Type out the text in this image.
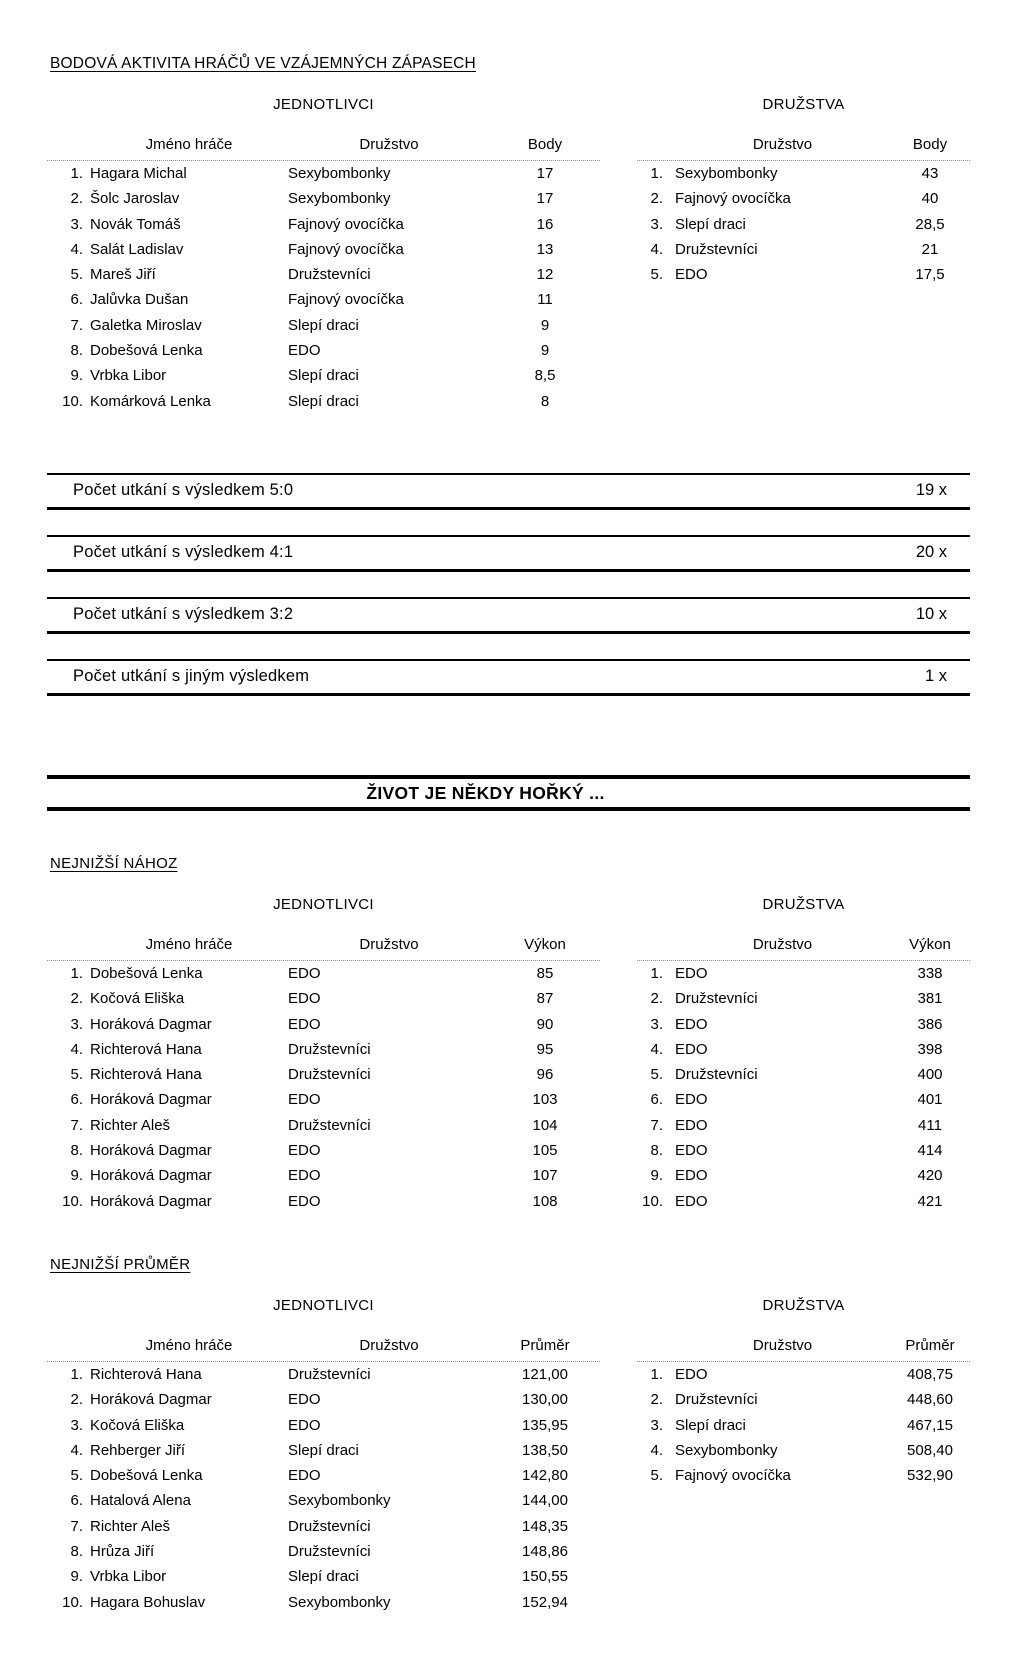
BODOVÁ AKTIVITA HRÁČŮ VE VZÁJEMNÝCH ZÁPASECH
JEDNOTLIVCI
Jméno hráče	Družstvo	Body
1. Hagara Michal	Sexybombonky	17
2. Šolc Jaroslav	Sexybombonky	17
3. Novák Tomáš	Fajnový ovocíčka	16
4. Salát Ladislav	Fajnový ovocíčka	13
5. Mareš Jiří	Družstevníci	12
6. Jalůvka Dušan	Fajnový ovocíčka	11
7. Galetka Miroslav	Slepí draci	9
8. Dobešová Lenka	EDO	9
9. Vrbka Libor	Slepí draci	8,5
10. Komárková Lenka	Slepí draci	8
DRUŽSTVA
Družstvo	Body
1. Sexybombonky	43
2. Fajnový ovocíčka	40
3. Slepí draci	28,5
4. Družstevníci	21
5. EDO	17,5
Počet utkání s výsledkem 5:0	19 x
Počet utkání s výsledkem 4:1	20 x
Počet utkání s výsledkem 3:2	10 x
Počet utkání s jiným výsledkem	1 x
ŽIVOT JE NĚKDY HOŘKÝ ...
NEJNIŽŠÍ NÁHOZ
JEDNOTLIVCI
Jméno hráče	Družstvo	Výkon
1. Dobešová Lenka	EDO	85
2. Kočová Eliška	EDO	87
3. Horáková Dagmar	EDO	90
4. Richterová Hana	Družstevníci	95
5. Richterová Hana	Družstevníci	96
6. Horáková Dagmar	EDO	103
7. Richter Aleš	Družstevníci	104
8. Horáková Dagmar	EDO	105
9. Horáková Dagmar	EDO	107
10. Horáková Dagmar	EDO	108
DRUŽSTVA
Družstvo	Výkon
1. EDO	338
2. Družstevníci	381
3. EDO	386
4. EDO	398
5. Družstevníci	400
6. EDO	401
7. EDO	411
8. EDO	414
9. EDO	420
10. EDO	421
NEJNIŽŠÍ PRŮMĚR
JEDNOTLIVCI
Jméno hráče	Družstvo	Průměr
1. Richterová Hana	Družstevníci	121,00
2. Horáková Dagmar	EDO	130,00
3. Kočová Eliška	EDO	135,95
4. Rehberger Jiří	Slepí draci	138,50
5. Dobešová Lenka	EDO	142,80
6. Hatalová Alena	Sexybombonky	144,00
7. Richter Aleš	Družstevníci	148,35
8. Hrůza Jiří	Družstevníci	148,86
9. Vrbka Libor	Slepí draci	150,55
10. Hagara Bohuslav	Sexybombonky	152,94
DRUŽSTVA
Družstvo	Průměr
1. EDO	408,75
2. Družstevníci	448,60
3. Slepí draci	467,15
4. Sexybombonky	508,40
5. Fajnový ovocíčka	532,90
